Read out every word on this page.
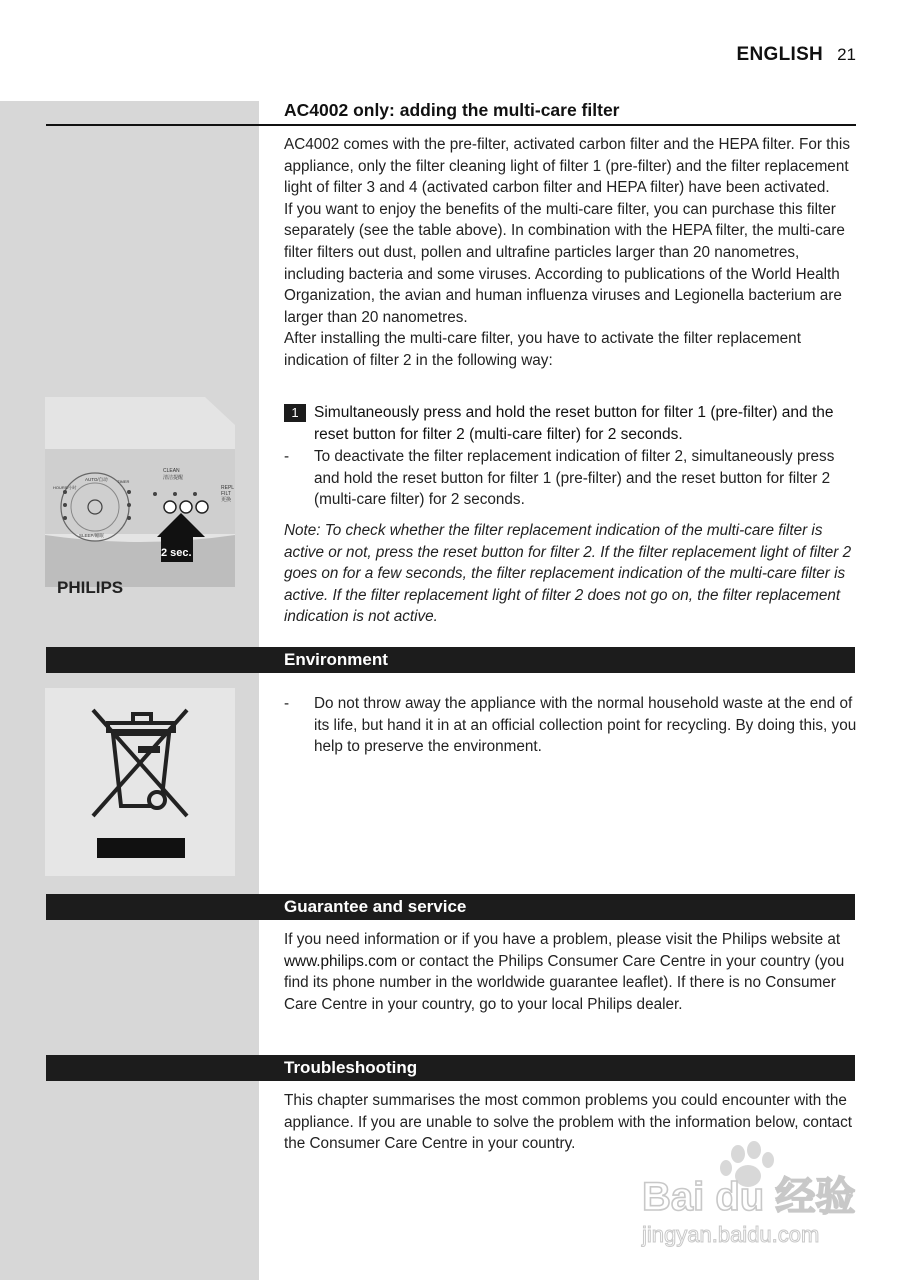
ENGLISH 21
AC4002 only: adding the multi-care filter

AC4002 comes with the pre-filter, activated carbon filter and the HEPA filter. For this appliance, only the filter cleaning light of filter 1 (pre-filter) and the filter replacement light of filter 3 and 4 (activated carbon filter and HEPA filter) have been activated.

If you want to enjoy the benefits of the multi-care filter, you can purchase this filter separately (see the table above). In combination with the HEPA filter, the multi-care filter filters out dust, pollen and ultrafine particles larger than 20 nanometres, including bacteria and some viruses. According to publications of the World Health Organization, the avian and human influenza viruses and Legionella bacterium are larger than 20 nanometres.

After installing the multi-care filter, you have to activate the filter replacement indication of filter 2 in the following way:

1 Simultaneously press and hold the reset button for filter 1 (pre-filter) and the reset button for filter 2 (multi-care filter) for 2 seconds.
- To deactivate the filter replacement indication of filter 2, simultaneously press and hold the reset button for filter 1 (pre-filter) and the reset button for filter 2 (multi-care filter) for 2 seconds.
Note: To check whether the filter replacement indication of the multi-care filter is active or not, press the reset button for filter 2. If the filter replacement light of filter 2 goes on for a few seconds, the filter replacement indication of the multi-care filter is active. If the filter replacement light of filter 2 does not go on, the filter replacement indication is not active.
CLEAN
清洁提醒
REPL
FILT
更换
AUTO/自动
SLEEP/睡眠
HOURS/小时
TIMER
2 sec.
PHILIPS
Environment
- Do not throw away the appliance with the normal household waste at the end of its life, but hand it in at an official collection point for recycling. By doing this, you help to preserve the environment.
Guarantee and service

If you need information or if you have a problem, please visit the Philips website at www.philips.com or contact the Philips Consumer Care Centre in your country (you find its phone number in the worldwide guarantee leaflet). If there is no Consumer Care Centre in your country, go to your local Philips dealer.

Troubleshooting
This chapter summarises the most common problems you could encounter with the appliance. If you are unable to solve the problem with the information below, contact the Consumer Care Centre in your country.
Bai du 经验
jingyan.baidu.com
